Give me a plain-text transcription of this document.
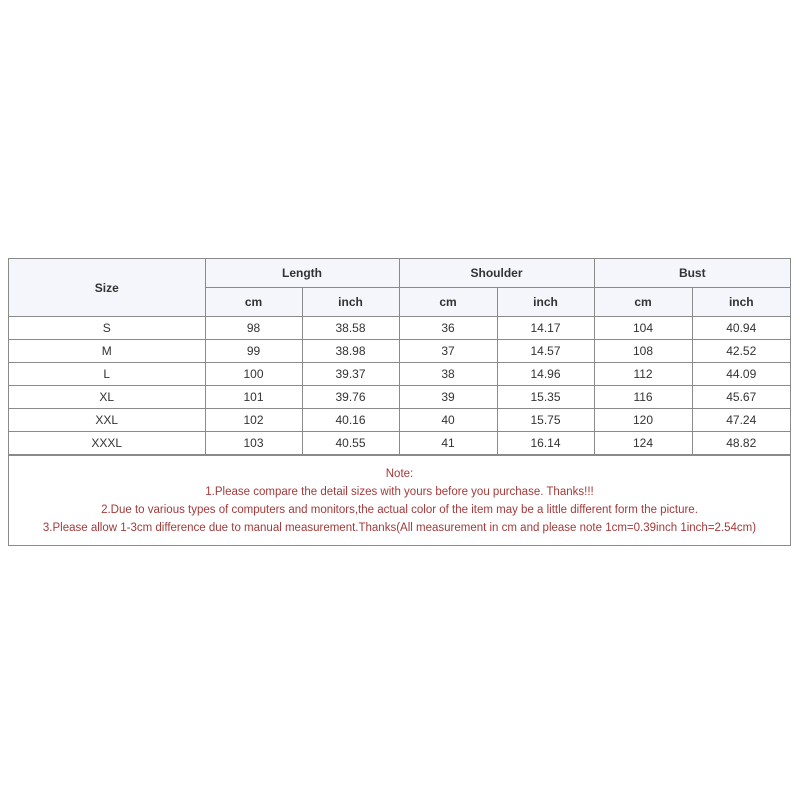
Size	Length		Shoulder		Bust	
	cm	inch	cm	inch	cm	inch
S	98	38.58	36	14.17	104	40.94
M	99	38.98	37	14.57	108	42.52
L	100	39.37	38	14.96	112	44.09
XL	101	39.76	39	15.35	116	45.67
XXL	102	40.16	40	15.75	120	47.24
XXXL	103	40.55	41	16.14	124	48.82
Note:
1.Please compare the detail sizes with yours before you purchase. Thanks!!!
2.Due to various types of computers and monitors,the actual color of the item may be a little different form the picture.
3.Please allow 1-3cm difference due to manual measurement.Thanks(All measurement in cm and please note 1cm=0.39inch 1inch=2.54cm)
